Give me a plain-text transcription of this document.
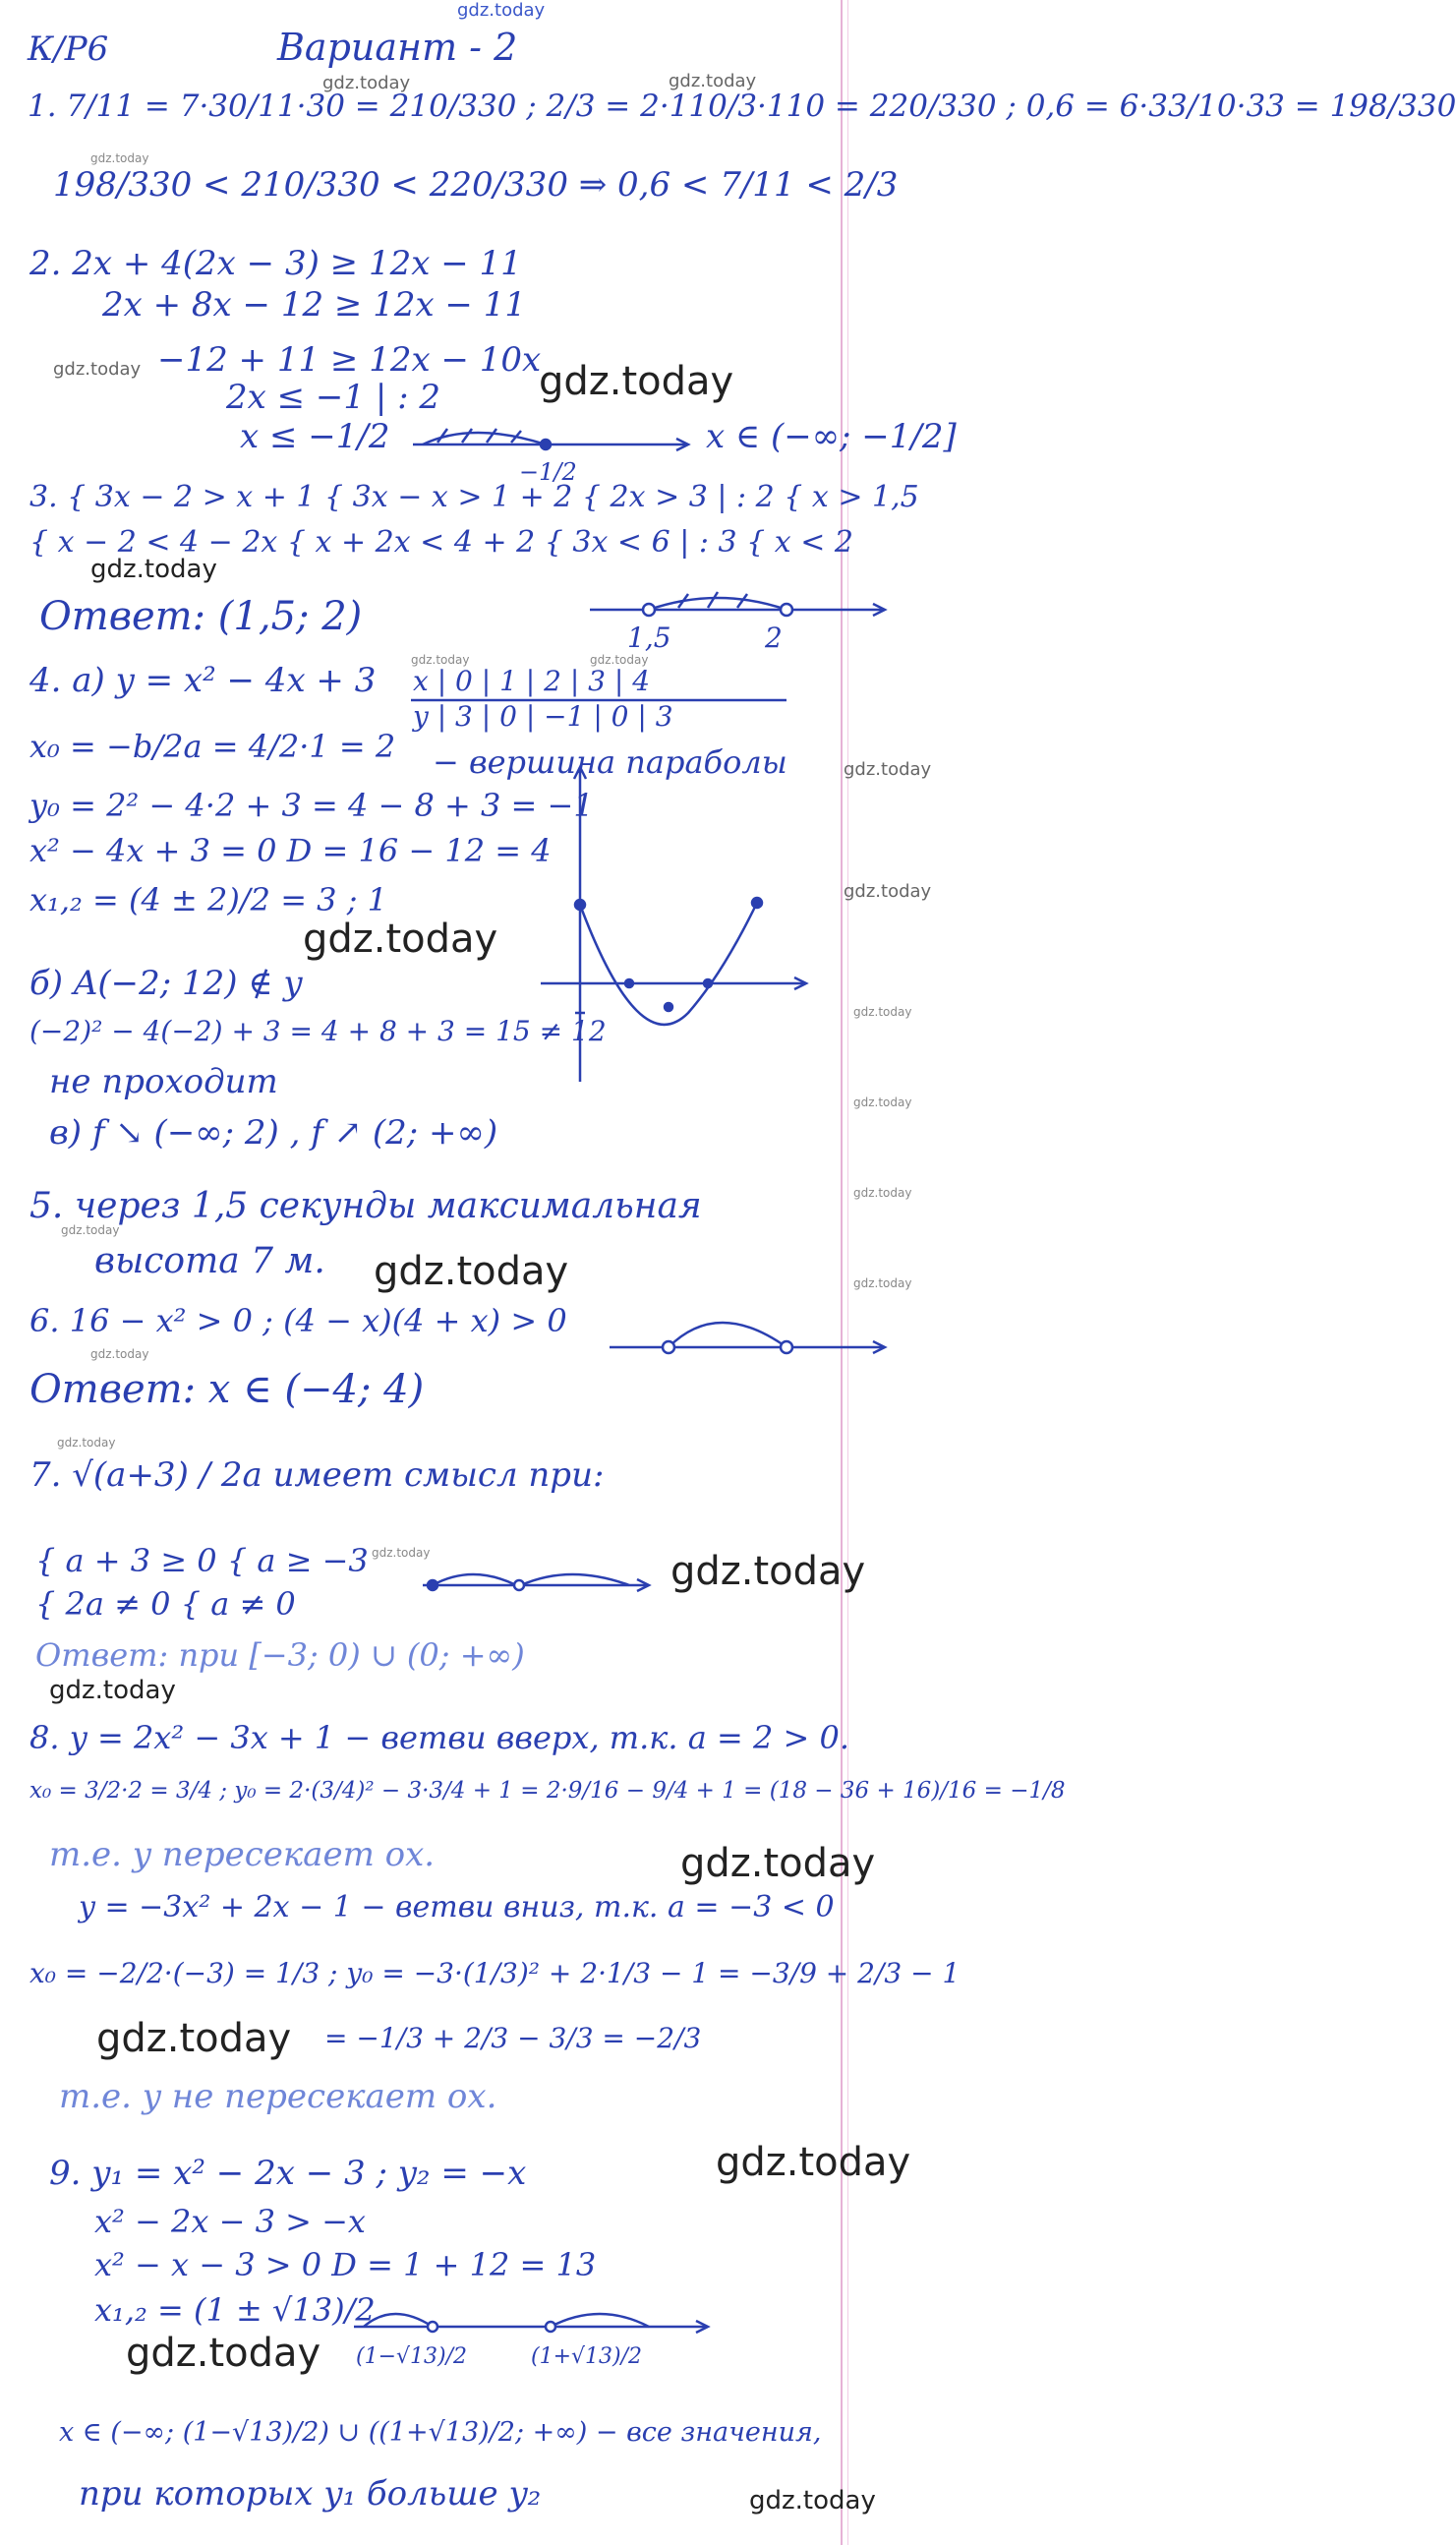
gdz.today
gdz.today	gdz.today
gdz.today
gdz.today	gdz.today
gdz.today
gdz.today	gdz.today
gdz.today
gdz.today
gdz.today
gdz.today
gdz.today
gdz.today
gdz.today
gdz.today	gdz.today
gdz.today
gdz.today
gdz.today	gdz.today
gdz.today
gdz.today
gdz.today
gdz.today
gdz.today
gdz.today
К/Р6	Вариант - 2
1. 7/11 = 7·30/11·30 = 210/330 ; 2/3 = 2·110/3·110 = 220/330 ; 0,6 = 6·33/10·33 = 198/330
198/330 < 210/330 < 220/330 ⇒ 0,6 < 7/11 < 2/3
2. 2x + 4(2x − 3) ≥ 12x − 11
2x + 8x − 12 ≥ 12x − 11
−12 + 11 ≥ 12x − 10x
2x ≤ −1 | : 2
x ≤ −1/2	x ∈ (−∞; −1/2]
−1/2
3. { 3x − 2 > x + 1 { 3x − x > 1 + 2 { 2x > 3 | : 2 { x > 1,5
{ x − 2 < 4 − 2x { x + 2x < 4 + 2 { 3x < 6 | : 3 { x < 2
Ответ: (1,5; 2)	1,5	2
4. а) y = x² − 4x + 3 x | 0 | 1 | 2 | 3 | 4
y | 3 | 0 | −1 | 0 | 3
x₀ = −b/2a = 4/2·1 = 2 − вершина параболы
y₀ = 2² − 4·2 + 3 = 4 − 8 + 3 = −1
x² − 4x + 3 = 0 D = 16 − 12 = 4
x₁,₂ = (4 ± 2)/2 = 3 ; 1
б) A(−2; 12) ∉ y
(−2)² − 4(−2) + 3 = 4 + 8 + 3 = 15 ≠ 12
не проходит
в) f ↘ (−∞; 2) , f ↗ (2; +∞)
5. через 1,5 секунды максимальная
высота 7 м.
6. 16 − x² > 0 ; (4 − x)(4 + x) > 0
Ответ: x ∈ (−4; 4)
7. √(a+3) / 2a имеет смысл при:
{ a + 3 ≥ 0 { a ≥ −3
{ 2a ≠ 0 { a ≠ 0
Ответ: при [−3; 0) ∪ (0; +∞)
8. y = 2x² − 3x + 1 − ветви вверх, т.к. a = 2 > 0.
x₀ = 3/2·2 = 3/4 ; y₀ = 2·(3/4)² − 3·3/4 + 1 = 2·9/16 − 9/4 + 1 = (18 − 36 + 16)/16 = −1/8
т.е. y пересекает ох.
y = −3x² + 2x − 1 − ветви вниз, т.к. a = −3 < 0
x₀ = −2/2·(−3) = 1/3 ; y₀ = −3·(1/3)² + 2·1/3 − 1 = −3/9 + 2/3 − 1
= −1/3 + 2/3 − 3/3 = −2/3
т.е. y не пересекает ох.
9. y₁ = x² − 2x − 3 ; y₂ = −x
x² − 2x − 3 > −x
x² − x − 3 > 0 D = 1 + 12 = 13
x₁,₂ = (1 ± √13)/2
(1−√13)/2	(1+√13)/2
x ∈ (−∞; (1−√13)/2) ∪ ((1+√13)/2; +∞) − все значения,
при которых y₁ больше y₂
